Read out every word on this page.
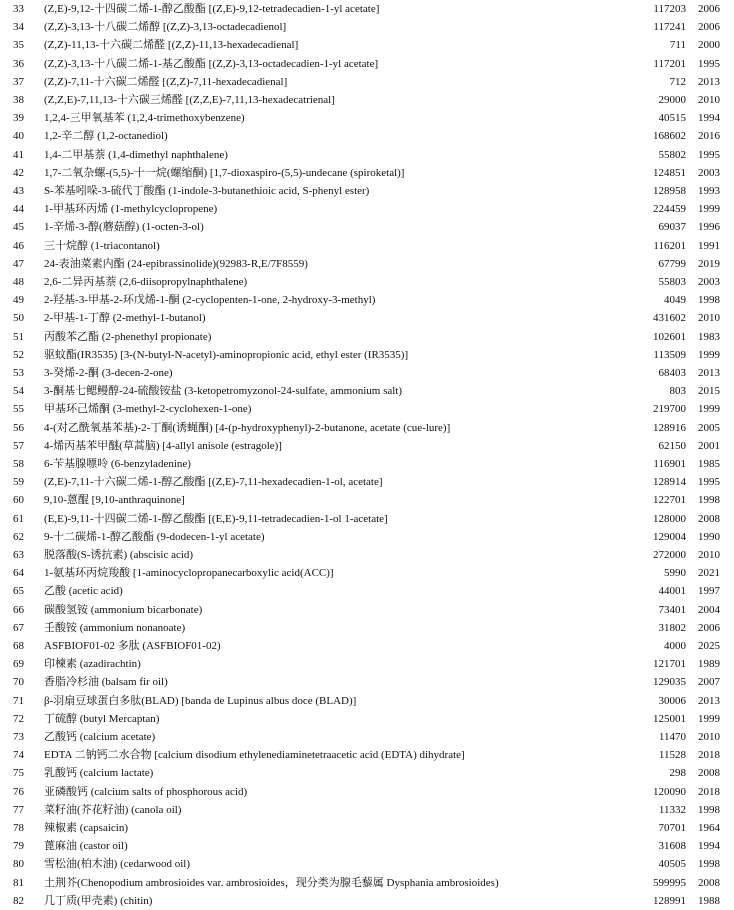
33	(Z,E)-9,12-十四碳二烯-1-醇乙酸酯 [(Z,E)-9,12-tetradecadien-1-yl acetate]	117203 2006
34	(Z,Z)-3,13-十八碳二烯醇 [(Z,Z)-3,13-octadecadienol]	117241 2006
35	(Z,Z)-11,13-十六碳二烯醛 [(Z,Z)-11,13-hexadecadienal]	711 2000
36	(Z,Z)-3,13-十八碳二烯-1-基乙酸酯 [(Z,Z)-3,13-octadecadien-1-yl acetate]	117201 1995
37	(Z,Z)-7,11-十六碳二烯醛 [(Z,Z)-7,11-hexadecadienal]	712 2013
38	(Z,Z,E)-7,11,13-十六碳三烯醛 [(Z,Z,E)-7,11,13-hexadecatrienal]	29000 2010
39	1,2,4-三甲氧基苯 (1,2,4-trimethoxybenzene)	40515 1994
40	1,2-辛二醇 (1,2-octanediol)	168602 2016
41	1,4-二甲基萘 (1,4-dimethyl naphthalene)	55802 1995
42	1,7-二氧杂螺-(5,5)-十一烷(螺缩酮) [1,7-dioxaspiro-(5,5)-undecane (spiroketal)]	124851 2003
43	S-苯基吲哚-3-硫代丁酸酯 (1-indole-3-butanethioic acid, S-phenyl ester)	128958 1993
44	1-甲基环丙烯 (1-methylcyclopropene)	224459 1999
45	1-辛烯-3-醇(蘑菇醇) (1-octen-3-ol)	69037 1996
46	三十烷醇 (1-triacontanol)	116201 1991
47	24-表油菜素内酯 (24-epibrassinolide)(92983-R,E/7F8559)	67799 2019
48	2,6-二异丙基萘 (2,6-diisopropylnaphthalene)	55803 2003
49	2-羟基-3-甲基-2-环戊烯-1-酮 (2-cyclopenten-1-one, 2-hydroxy-3-methyl)	4049 1998
50	2-甲基-1-丁醇 (2-methyl-1-butanol)	431602 2010
51	丙酸苯乙酯 (2-phenethyl propionate)	102601 1983
52	驱蚊酯(IR3535) [3-(N-butyl-N-acetyl)-aminopropionic acid, ethyl ester (IR3535)]	113509 1999
53	3-癸烯-2-酮 (3-decen-2-one)	68403 2013
54	3-酮基七鳃鳗醇-24-硫酸铵盐 (3-ketopetromyzonol-24-sulfate, ammonium salt)	803 2015
55	甲基环己烯酮 (3-methyl-2-cyclohexen-1-one)	219700 1999
56	4-(对乙酰氧基苯基)-2-丁酮(诱蝇酮) [4-(p-hydroxyphenyl)-2-butanone, acetate (cue-lure)]	128916 2005
57	4-烯丙基苯甲醚(草蒿脑) [4-allyl anisole (estragole)]	62150 2001
58	6-苄基腺嘌呤 (6-benzyladenine)	116901 1985
59	(Z,E)-7,11-十六碳二烯-1-醇乙酸酯 [(Z,E)-7,11-hexadecadien-1-ol, acetate]	128914 1995
60	9,10-蒽醌 [9,10-anthraquinone]	122701 1998
61	(E,E)-9,11-十四碳二烯-1-醇乙酸酯 [(E,E)-9,11-tetradecadien-1-ol 1-acetate]	128000 2008
62	9-十二碳烯-1-醇乙酸酯 (9-dodecen-1-yl acetate)	129004 1990
63	脱落酸(S-诱抗素) (abscisic acid)	272000 2010
64	1-氨基环丙烷羧酸 [1-aminocyclopropanecarboxylic acid(ACC)]	5990 2021
65	乙酸 (acetic acid)	44001 1997
66	碳酸氢铵 (ammonium bicarbonate)	73401 2004
67	壬酸铵 (ammonium nonanoate)	31802 2006
68	ASFBIOF01-02 多肽 (ASFBIOF01-02)	4000 2025
69	印楝素 (azadirachtin)	121701 1989
70	香脂冷杉油 (balsam fir oil)	129035 2007
71	β-羽扇豆球蛋白多肽(BLAD) [banda de Lupinus albus doce (BLAD)]	30006 2013
72	丁硫醇 (butyl Mercaptan)	125001 1999
73	乙酸钙 (calcium acetate)	11470 2010
74	EDTA 二钠钙二水合物 [calcium disodium ethylenediaminetetraacetic acid (EDTA) dihydrate]	11528 2018
75	乳酸钙 (calcium lactate)	298 2008
76	亚磷酸钙 (calcium salts of phosphorous acid)	120090 2018
77	菜籽油(芥花籽油) (canola oil)	11332 1998
78	辣椒素 (capsaicin)	70701 1964
79	蓖麻油 (castor oil)	31608 1994
80	雪松油(柏木油) (cedarwood oil)	40505 1998
81	土荆芥(Chenopodium ambrosioides var. ambrosioides，现分类为腺毛藜属 Dysphania ambrosioides)	599995 2008
82	几丁质(甲壳素) (chitin)	128991 1988
